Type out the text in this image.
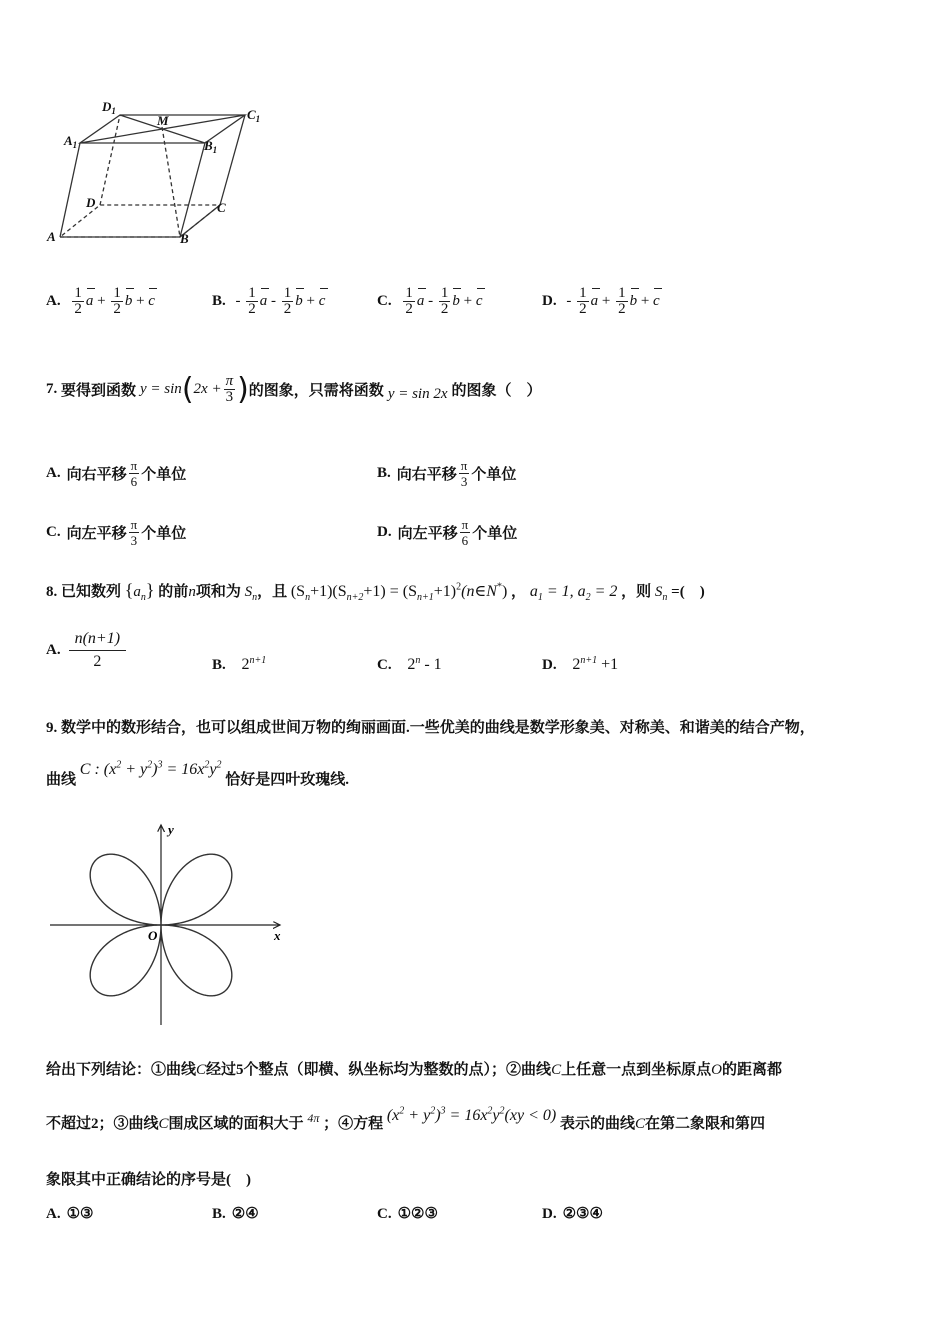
$D_1$	$C_1$
M
$A_1$	$B_1$
D	C
A	B
A. $\frac{1}{2}$ $a + \frac{1}{2}$ b + c	B. - $\frac{1}{2}$ a - $\frac{1}{2}$ b + c	C. $\frac{1}{2}$ a - $\frac{1}{2}$ b + c	D. - $\frac{1}{2}$ $a + \frac{1}{2}$ b + c
7.
要得到函数 y = sin ( $2x + \frac{\pi}{3}$ ) 的图象，只需将函数 y = sin 2x 的图象（　）
A. 向右平移 $\frac{\pi}{6}$ 个单位	B. 向右平移 $\frac{\pi}{3}$ 个单位
C. 向左平移 $\frac{\pi}{3}$ 个单位	D. 向左平移 $\frac{\pi}{6}$ 个单位
8. 已知数列 $\{a_n\}$ 的前n项和为 $S_n$，且 $(S_n+1)(S_{n+2}+1)$ = $(S_{n+1}+1)^2(n\in N^*)$ ， $a_1 = 1$, $a_2 = 2$ ，则 $S_n$ =(　)
A. $\frac{n(n+1)}{2}$	B. $2^{n+1}$	C. 2$^n$ - 1	D. $2^{n+1} +1$
9. 数学中的数形结合，也可以组成世间万物的绚丽画面.一些优美的曲线是数学形象美、对称美、和谐美的结合产物，
曲线 C : $(x^2 + y^2)^3 = 16x^2y^2$ 恰好是四叶玫瑰线.
y
x
O
给出下列结论：①曲线C经过5个整点（即横、纵坐标均为整数的点）；②曲线C上任意一点到坐标原点O的距离都
不超过2；③曲线C围成区域的面积大于 $^{4\pi}$ ；④方程 $(x^2 + y^2)^3 = 16x^2y^2(xy < 0)$ 表示的曲线C在第二象限和第四
象限其中正确结论的序号是(　)
A. ①③	B. ②④	C. ①②③	D. ②③④
